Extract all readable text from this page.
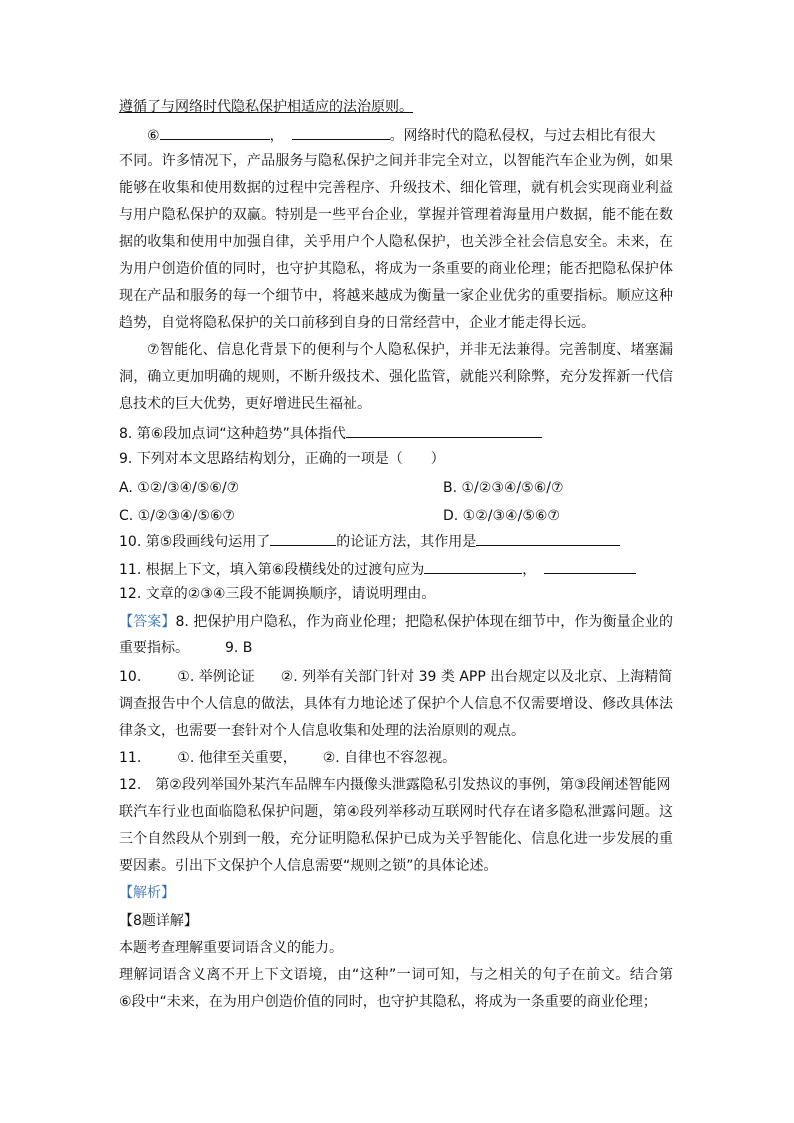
遵循了与网络时代隐私保护相适应的法治原则。
⑥	，	。网络时代的隐私侵权，与过去相比有很大
不同。许多情况下，产品服务与隐私保护之间并非完全对立，以智能汽车企业为例，如果
能够在收集和使用数据的过程中完善程序、升级技术、细化管理，就有机会实现商业利益
与用户隐私保护的双赢。特别是一些平台企业，掌握并管理着海量用户数据，能不能在数
据的收集和使用中加强自律，关乎用户个人隐私保护，也关涉全社会信息安全。未来，在
为用户创造价值的同时，也守护其隐私，将成为一条重要的商业伦理；能否把隐私保护体
现在产品和服务的每一个细节中，将越来越成为衡量一家企业优劣的重要指标。顺应这种
趋势，自觉将隐私保护的关口前移到自身的日常经营中，企业才能走得长远。
⑦智能化、信息化背景下的便利与个人隐私保护，并非无法兼得。完善制度、堵塞漏
洞，确立更加明确的规则，不断升级技术、强化监管，就能兴利除弊，充分发挥新一代信
息技术的巨大优势，更好增进民生福祉。
8. 第⑥段加点词“这种趋势”具体指代
9. 下列对本文思路结构划分，正确的一项是（　　）
A. ①②/③④/⑤⑥/⑦	B. ①/②③④/⑤⑥/⑦
C. ①/②③④/⑤⑥⑦	D. ①②/③④/⑤⑥⑦
10. 第⑤段画线句运用了	的论证方法，其作用是
11. 根据上下文，填入第⑥段横线处的过渡句应为	，
12. 文章的②③④三段不能调换顺序，请说明理由。
【答案】8. 把保护用户隐私，作为商业伦理；把隐私保护体现在细节中，作为衡量企业的
重要指标。	9. B
10.	①. 举例论证 ②. 列举有关部门针对 39 类 APP 出台规定以及北京、上海精简
调查报告中个人信息的做法，具体有力地论述了保护个人信息不仅需要增设、修改具体法
律条文，也需要一套针对个人信息收集和处理的法治原则的观点。
11.	①. 他律至关重要， ②. 自律也不容忽视。
12. 第②段列举国外某汽车品牌车内摄像头泄露隐私引发热议的事例，第③段阐述智能网
联汽车行业也面临隐私保护问题，第④段列举移动互联网时代存在诸多隐私泄露问题。这
三个自然段从个别到一般，充分证明隐私保护已成为关乎智能化、信息化进一步发展的重
要因素。引出下文保护个人信息需要“规则之锁”的具体论述。
【解析】
【8题详解】
本题考查理解重要词语含义的能力。
理解词语含义离不开上下文语境，由“这种”一词可知，与之相关的句子在前文。结合第
⑥段中“未来，在为用户创造价值的同时，也守护其隐私，将成为一条重要的商业伦理；
